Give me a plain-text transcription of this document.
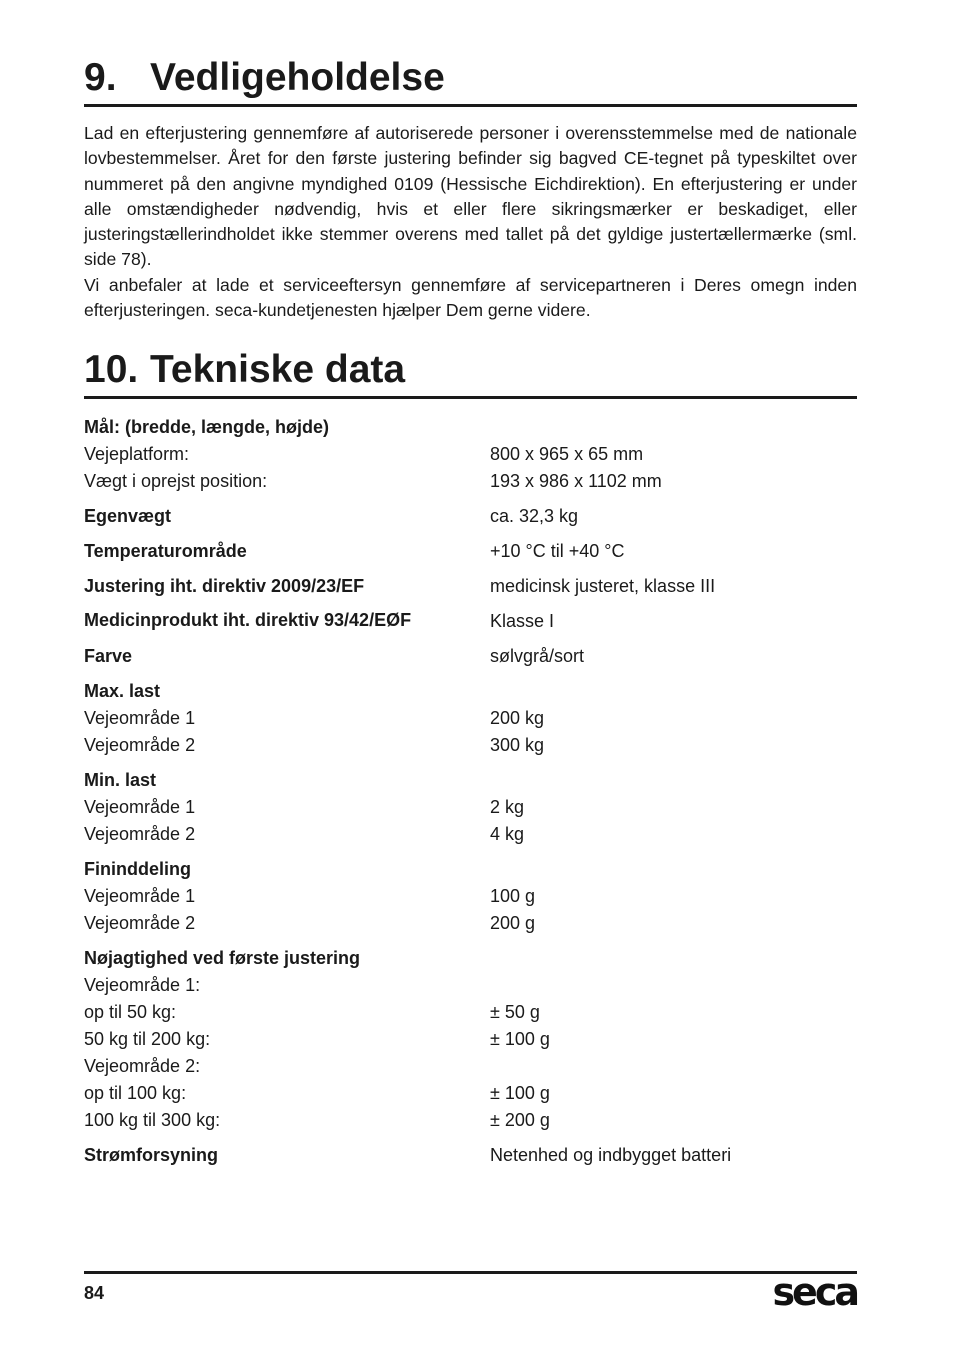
9. Vedligeholdelse

Lad en efterjustering gennemføre af autoriserede personer i overensstemmelse med de nationale lovbestemmelser. Året for den første justering befinder sig bagved CE-tegnet på typeskiltet over nummeret på den angivne myndighed 0109 (Hessische Eichdirektion). En efterjustering er under alle omstændigheder nødvendig, hvis et eller flere sikringsmærker er beskadiget, eller justeringstællerindholdet ikke stemmer overens med tallet på det gyldige justertællermærke (sml. side 78).

Vi anbefaler at lade et serviceeftersyn gennemføre af servicepartneren i Deres omegn inden efterjusteringen. seca-kundetjenesten hjælper Dem gerne videre.

10. Tekniske data
Mål: (bredde, længde, højde)
Vejeplatform:	800 x 965 x 65 mm
Vægt i oprejst position:	193 x 986 x 1102 mm
Egenvægt	ca. 32,3 kg
Temperaturområde	+10 °C til +40 °C
Justering iht. direktiv 2009/23/EF	medicinsk justeret, klasse III
Medicinprodukt iht. direktiv 93/42/EØF	Klasse I
Farve	sølvgrå/sort
Max. last
Vejeområde 1	200 kg
Vejeområde 2	300 kg
Min. last
Vejeområde 1	2 kg
Vejeområde 2	4 kg
Fininddeling
Vejeområde 1	100 g
Vejeområde 2	200 g
Nøjagtighed ved første justering
Vejeområde 1:
op til 50 kg:	± 50 g
50 kg til 200 kg:	± 100 g
Vejeområde 2:
op til 100 kg:	± 100 g
100 kg til 300 kg:	± 200 g
Strømforsyning	Netenhed og indbygget batteri
84	seca
